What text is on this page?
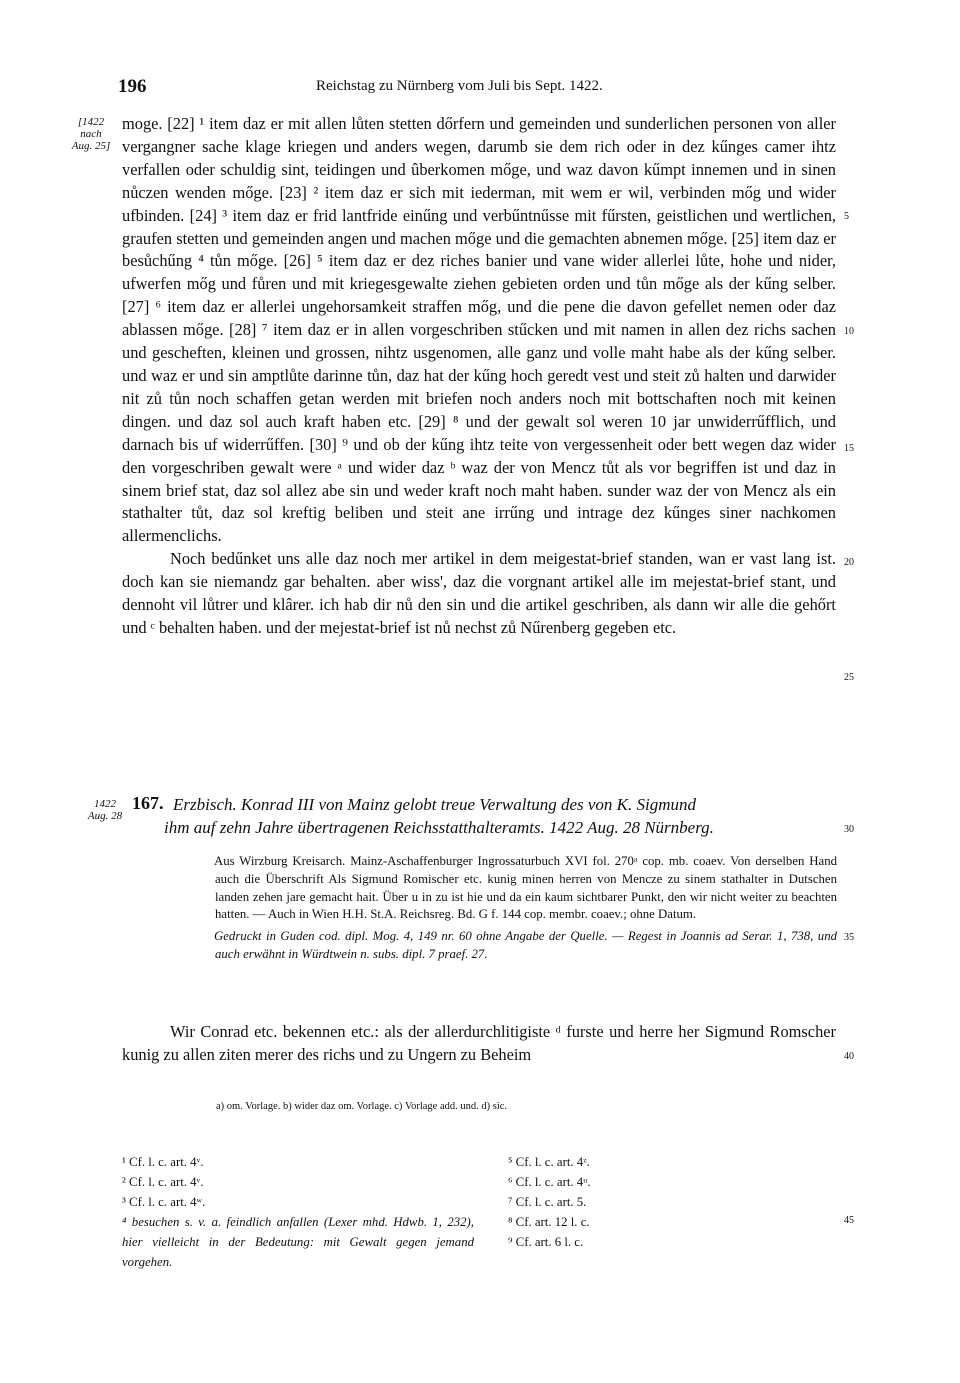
196	Reichstag zu Nürnberg vom Juli bis Sept. 1422.
[1422
nach
Aug. 25]
1422
Aug. 28
5
10
15
20
25
30
35
40
45

moge. [22] ¹ item daz er mit allen lůten stetten dőrfern und gemeinden und sunderlichen personen von aller vergangner sache klage kriegen und anders wegen, darumb sie dem rich oder in dez kűnges camer ihtz verfallen oder schuldig sint, teidingen und ûberkomen mőge, und waz davon kűmpt innemen und in sinen nůczen wenden mőge. [23] ² item daz er sich mit iederman, mit wem er wil, verbinden mőg und wider ufbinden. [24] ³ item daz er frid lantfride einűng und verbűntnűsse mit fűrsten, geistlichen und wertlichen, graufen stetten und gemeinden angen und machen mőge und die gemachten abnemen mőge. [25] item daz er besůchűng ⁴ tůn mőge. [26] ⁵ item daz er dez riches banier und vane wider allerlei lůte, hohe und nider, ufwerfen mőg und fůren und mit kriegesgewalte ziehen gebieten orden und tůn mőge als der kűng selber. [27] ⁶ item daz er allerlei ungehorsamkeit straffen mőg, und die pene die davon gefellet nemen oder daz ablassen mőge. [28] ⁷ item daz er in allen vorgeschriben stűcken und mit namen in allen dez richs sachen und gescheften, kleinen und grossen, nihtz usgenomen, alle ganz und volle maht habe als der kűng selber. und waz er und sin amptlůte darinne tůn, daz hat der kűng hoch geredt vest und steit zů halten und darwider nit zů tůn noch schaffen getan werden mit briefen noch anders noch mit bottschaften noch mit keinen dingen. und daz sol auch kraft haben etc. [29] ⁸ und der gewalt sol weren 10 jar unwiderrűfflich, und darnach bis uf widerrűffen. [30] ⁹ und ob der kűng ihtz teite von vergessenheit oder bett wegen daz wider den vorgeschriben gewalt were ᵃ und wider daz ᵇ waz der von Mencz tůt als vor begriffen ist und daz in sinem brief stat, daz sol allez abe sin und weder kraft noch maht haben. sunder waz der von Mencz als ein stathalter tůt, daz sol kreftig beliben und steit ane irrűng und intrage dez kűnges siner nachkomen allermenclichs.

Noch bedűnket uns alle daz noch mer artikel in dem meigestat-brief standen, wan er vast lang ist. doch kan sie niemandz gar behalten. aber wiss', daz die vorgnant artikel alle im mejestat-brief stant, und dennoht vil lůtrer und klârer. ich hab dir nů den sin und die artikel geschriben, als dann wir alle die gehőrt und ᶜ behalten haben. und der mejestat-brief ist nů nechst zů Nűrenberg gegeben etc.

167. Erzbisch. Konrad III von Mainz gelobt treue Verwaltung des von K. Sigmund
ihm auf zehn Jahre übertragenen Reichsstatthalteramts. 1422 Aug. 28 Nürnberg.

Aus Wirzburg Kreisarch. Mainz-Aschaffenburger Ingrossaturbuch XVI fol. 270ᵃ cop. mb. coaev. Von derselben Hand auch die Überschrift Als Sigmund Romischer etc. kunig minen herren von Mencze zu sinem stathalter in Dutschen landen zehen jare gemacht hait. Über u in zu ist hie und da ein kaum sichtbarer Punkt, den wir nicht weiter zu beachten hatten. — Auch in Wien H.H. St.A. Reichsreg. Bd. G f. 144 cop. membr. coaev.; ohne Datum.

Gedruckt in Guden cod. dipl. Mog. 4, 149 nr. 60 ohne Angabe der Quelle. — Regest in Joannis ad Serar. 1, 738, und auch erwähnt in Würdtwein n. subs. dipl. 7 praef. 27.

Wir Conrad etc. bekennen etc.: als der allerdurchlitigiste ᵈ furste und herre her Sigmund Romscher kunig zu allen ziten merer des richs und zu Ungern zu Beheim

a) om. Vorlage. b) wider daz om. Vorlage. c) Vorlage add. und. d) sic.
¹ Cf. l. c. art. 4ᵛ.
² Cf. l. c. art. 4ᵛ.
³ Cf. l. c. art. 4ʷ.
⁴ besuchen s. v. a. feindlich anfallen (Lexer mhd. Hdwb. 1, 232), hier vielleicht in der Bedeutung: mit Gewalt gegen jemand vorgehen.
⁵ Cf. l. c. art. 4ᶻ.
⁶ Cf. l. c. art. 4ᵘ.
⁷ Cf. l. c. art. 5.
⁸ Cf. art. 12 l. c.
⁹ Cf. art. 6 l. c.
